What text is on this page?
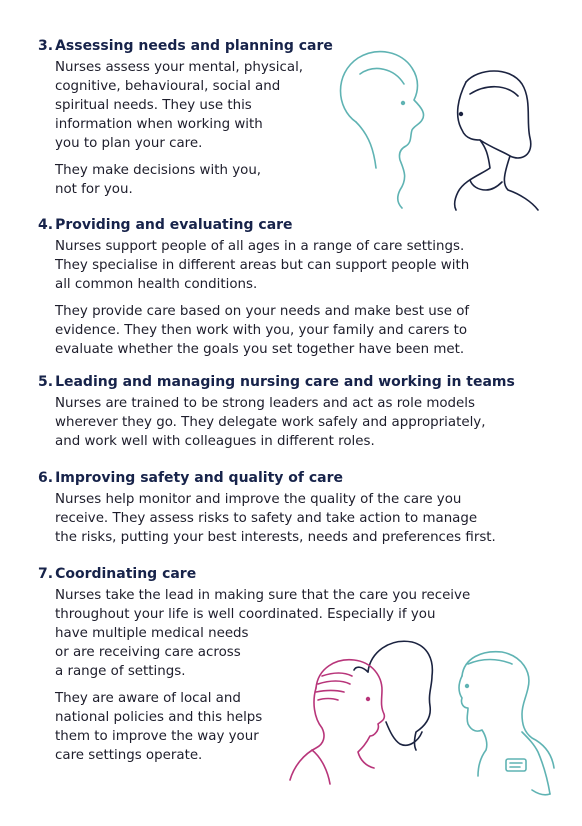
3. Assessing needs and planning care
Nurses assess your mental, physical,
cognitive, behavioural, social and
spiritual needs. They use this
information when working with
you to plan your care.
They make decisions with you,
not for you.
4. Providing and evaluating care
Nurses support people of all ages in a range of care settings.
They specialise in different areas but can support people with
all common health conditions.
They provide care based on your needs and make best use of
evidence. They then work with you, your family and carers to
evaluate whether the goals you set together have been met.
5. Leading and managing nursing care and working in teams
Nurses are trained to be strong leaders and act as role models
wherever they go. They delegate work safely and appropriately,
and work well with colleagues in different roles.
6. Improving safety and quality of care
Nurses help monitor and improve the quality of the care you
receive. They assess risks to safety and take action to manage
the risks, putting your best interests, needs and preferences first.
7. Coordinating care
Nurses take the lead in making sure that the care you receive
throughout your life is well coordinated. Especially if you
have multiple medical needs
or are receiving care across
a range of settings.
They are aware of local and
national policies and this helps
them to improve the way your
care settings operate.
